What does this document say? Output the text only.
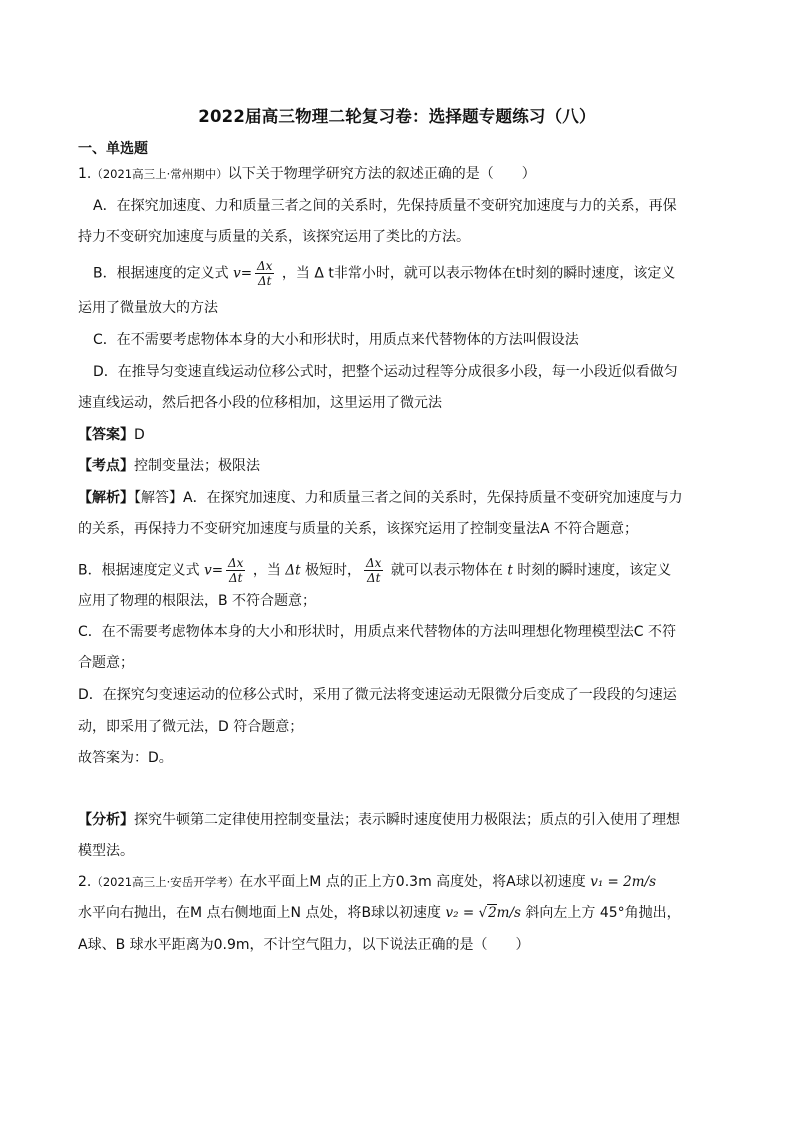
2022届高三物理二轮复习卷：选择题专题练习（八）
一、单选题
1.（2021高三上·常州期中）以下关于物理学研究方法的叙述正确的是（　　）
A．在探究加速度、力和质量三者之间的关系时，先保持质量不变研究加速度与力的关系，再保
持力不变研究加速度与质量的关系，该探究运用了类比的方法。
B．根据速度的定义式 $v= \frac{\Delta x}{\Delta t}$ ，当 Δ t非常小时，就可以表示物体在t时刻的瞬时速度，该定义
运用了微量放大的方法
C．在不需要考虑物体本身的大小和形状时，用质点来代替物体的方法叫假设法
D．在推导匀变速直线运动位移公式时，把整个运动过程等分成很多小段，每一小段近似看做匀
速直线运动，然后把各小段的位移相加，这里运用了微元法
【答案】D
【考点】控制变量法；极限法
【解析】【解答】A．在探究加速度、力和质量三者之间的关系时，先保持质量不变研究加速度与力
的关系，再保持力不变研究加速度与质量的关系，该探究运用了控制变量法A 不符合题意；
B．根据速度定义式 $v= \frac{\Delta x}{\Delta t}$ ，当 Δt 极短时， $\frac{\Delta x}{\Delta t}$ 就可以表示物体在 t 时刻的瞬时速度，该定义
应用了物理的根限法，B 不符合题意；
C．在不需要考虑物体本身的大小和形状时，用质点来代替物体的方法叫理想化物理模型法C 不符
合题意；
D．在探究匀变速运动的位移公式时，采用了微元法将变速运动无限微分后变成了一段段的匀速运
动，即采用了微元法，D 符合题意；
故答案为：D。
【分析】探究牛顿第二定律使用控制变量法；表示瞬时速度使用力极限法；质点的引入使用了理想
模型法。
2.（2021高三上·安岳开学考）在水平面上M 点的正上方0.3m 高度处，将A球以初速度 v₁ = 2m/s
水平向右抛出，在M 点右侧地面上N 点处，将B球以初速度 v₂ = √2m/s 斜向左上方 45°角抛出，
A球、B 球水平距离为0.9m，不计空气阻力，以下说法正确的是（　　）
